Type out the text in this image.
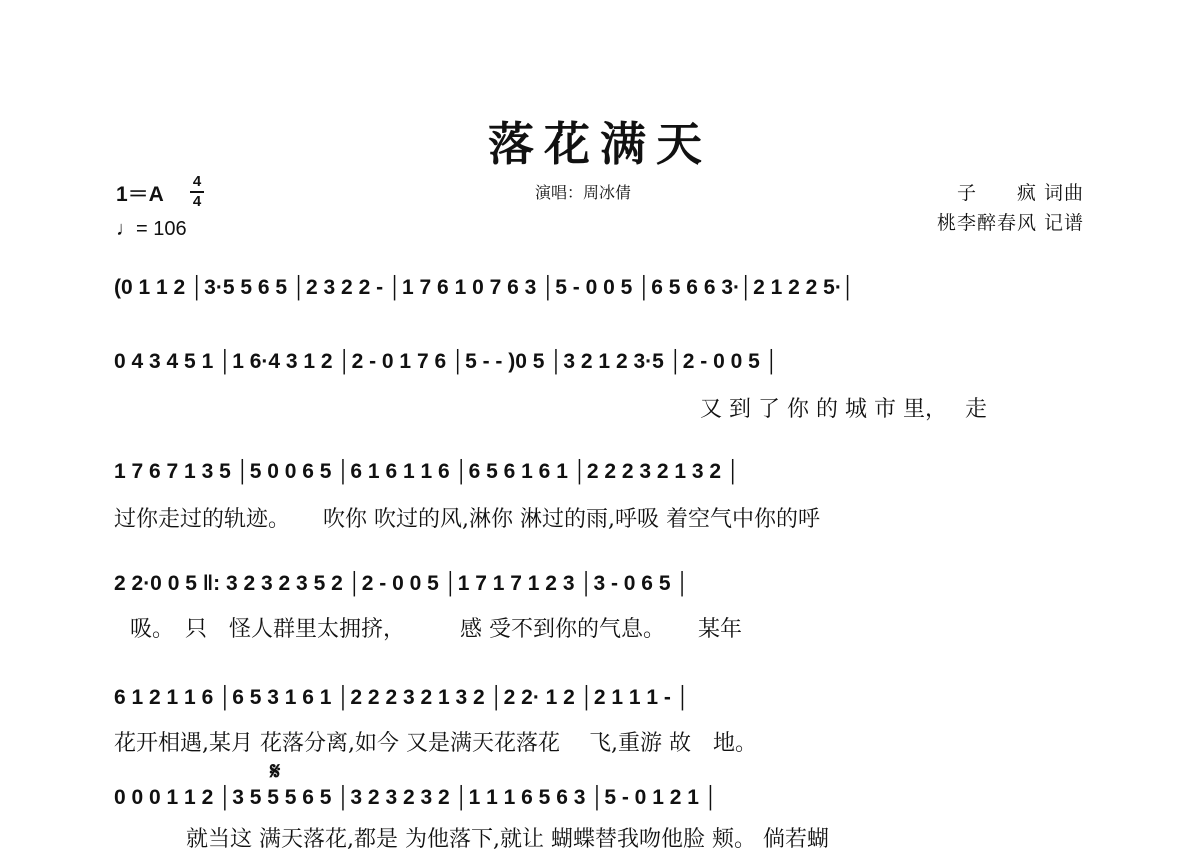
落花满天
1＝A
4
4
♩= 106
演唱：周冰倩	子　　疯 词曲
桃李醉春风 记谱
(0 1 1 2 │3·5 5 6 5 │2 3 2 2 - │1 7 6 1 0 7 6 3 │5 - 0 0 5 │6 5 6 6 3·│2 1 2 2 5·│
0 4 3 4 5 1 │1 6·4 3 1 2 │2 - 0 1 7 6 │5 - - )0 5 │3 2 1 2 3·5 │2 - 0 0 5 │
又 到 了 你 的 城 市 里，　 走
1 7 6 7 1 3 5 │5 0 0 6 5 │6 1 6 1 1 6 │6 5 6 1 6 1 │2 2 2 3 2 1 3 2 │
过你走过的轨迹。　　吹你 吹过的风,淋你 淋过的雨,呼吸 着空气中你的呼
2 2·0 0 5 ‖: 3 2 3 2 3 5 2 │2 - 0 0 5 │1 7 1 7 1 2 3 │3 - 0 6 5 │
吸。　只　怪人群里太拥挤，　　　感 受不到你的气息。　　某年
6 1 2 1 1 6 │6 5 3 1 6 1 │2 2 2 3 2 1 3 2 │2 2· 1 2 │2 1 1 1 - │
花开相遇,某月 花落分离,如今 又是满天花落花　 飞,重游 故　地。
𝄋
0 0 0 1 1 2 │3 5 5 5 6 5 │3 2 3 2 3 2 │1 1 1 6 5 6 3 │5 - 0 1 2 1 │
就当这 满天落花,都是 为他落下,就让 蝴蝶替我吻他脸 颊。 倘若蝴
